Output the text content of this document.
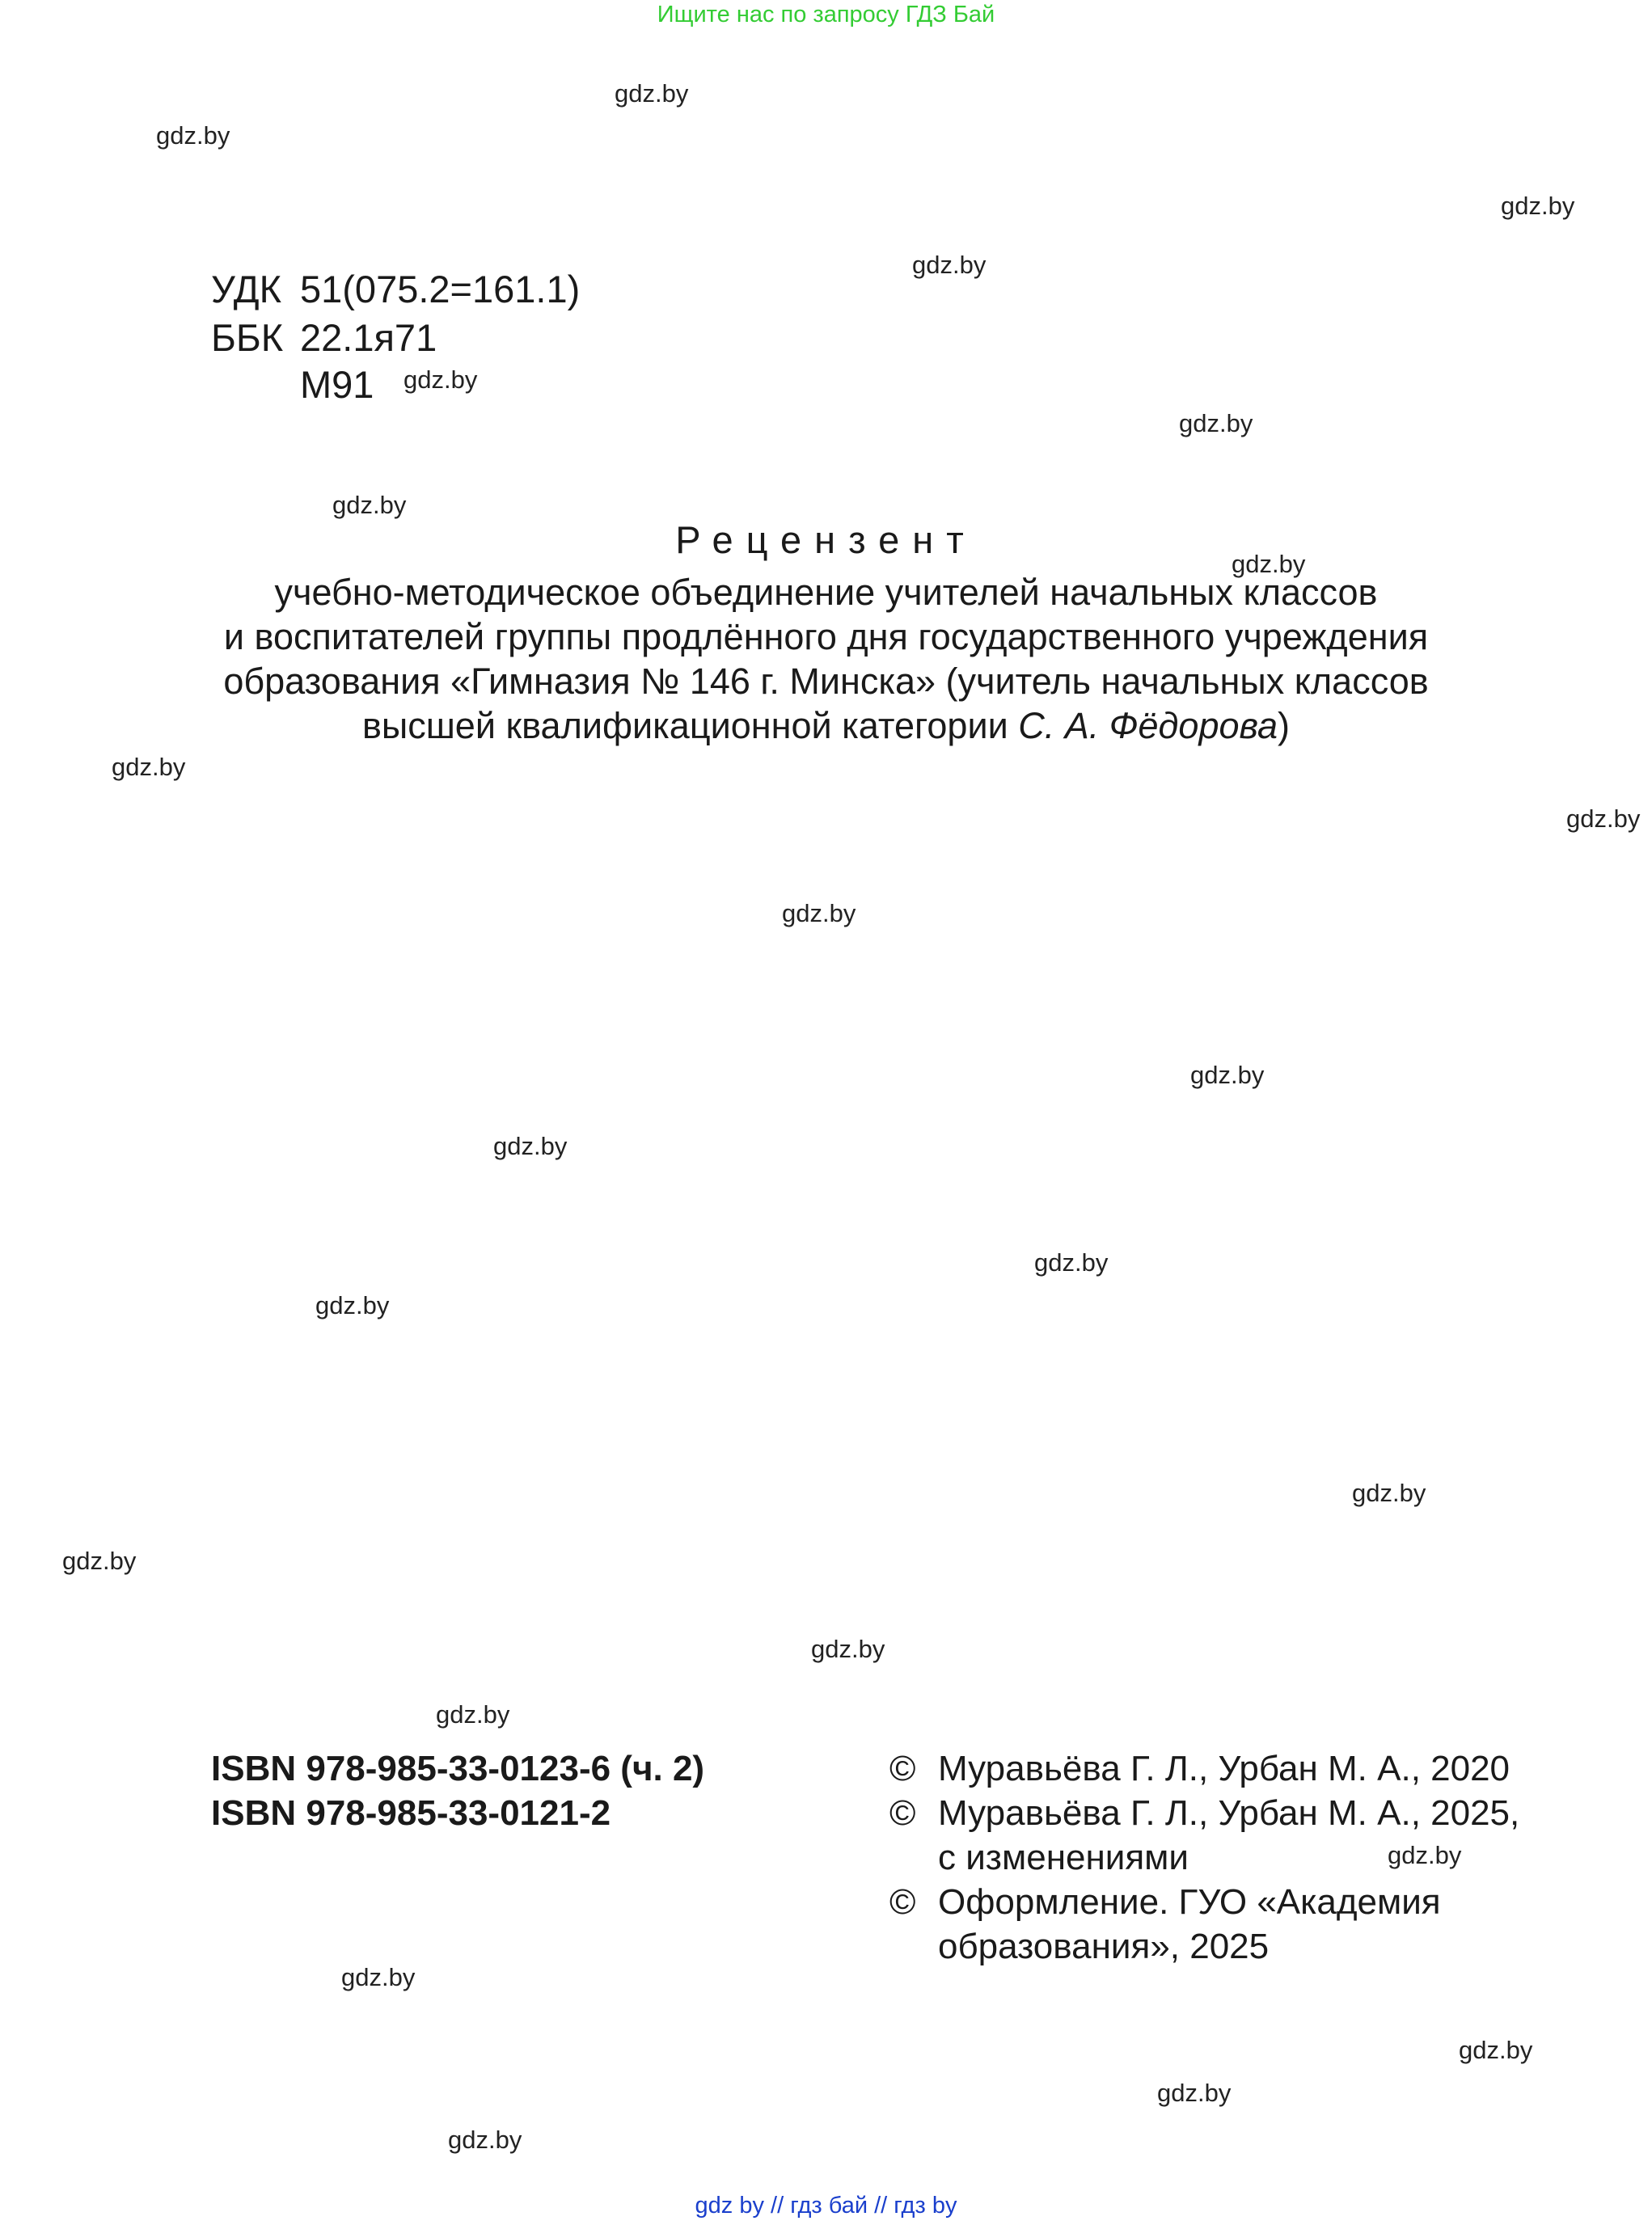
Ищите нас по запросу ГДЗ Бай
gdz.by
gdz.by
gdz.by
gdz.by
gdz.by
gdz.by
gdz.by
gdz.by
gdz.by
gdz.by
gdz.by
gdz.by
gdz.by
gdz.by
gdz.by
gdz.by
gdz.by
gdz.by
gdz.by
gdz.by
gdz.by
gdz.by
gdz.by
gdz.by
УДК 51(075.2=161.1)
ББК 22.1я71
М91
Рецензент
учебно-методическое объединение учителей начальных классов
и воспитателей группы продлённого дня государственного учреждения
образования «Гимназия № 146 г. Минска» (учитель начальных классов
высшей квалификационной категории С. А. Фёдорова)
ISBN 978-985-33-0123-6 (ч. 2)
ISBN 978-985-33-0121-2
© Муравьёва Г. Л., Урбан М. А., 2020
© Муравьёва Г. Л., Урбан М. А., 2025, с изменениями
© Оформление. ГУО «Академия образования», 2025
gdz by // гдз бай // гдз by
